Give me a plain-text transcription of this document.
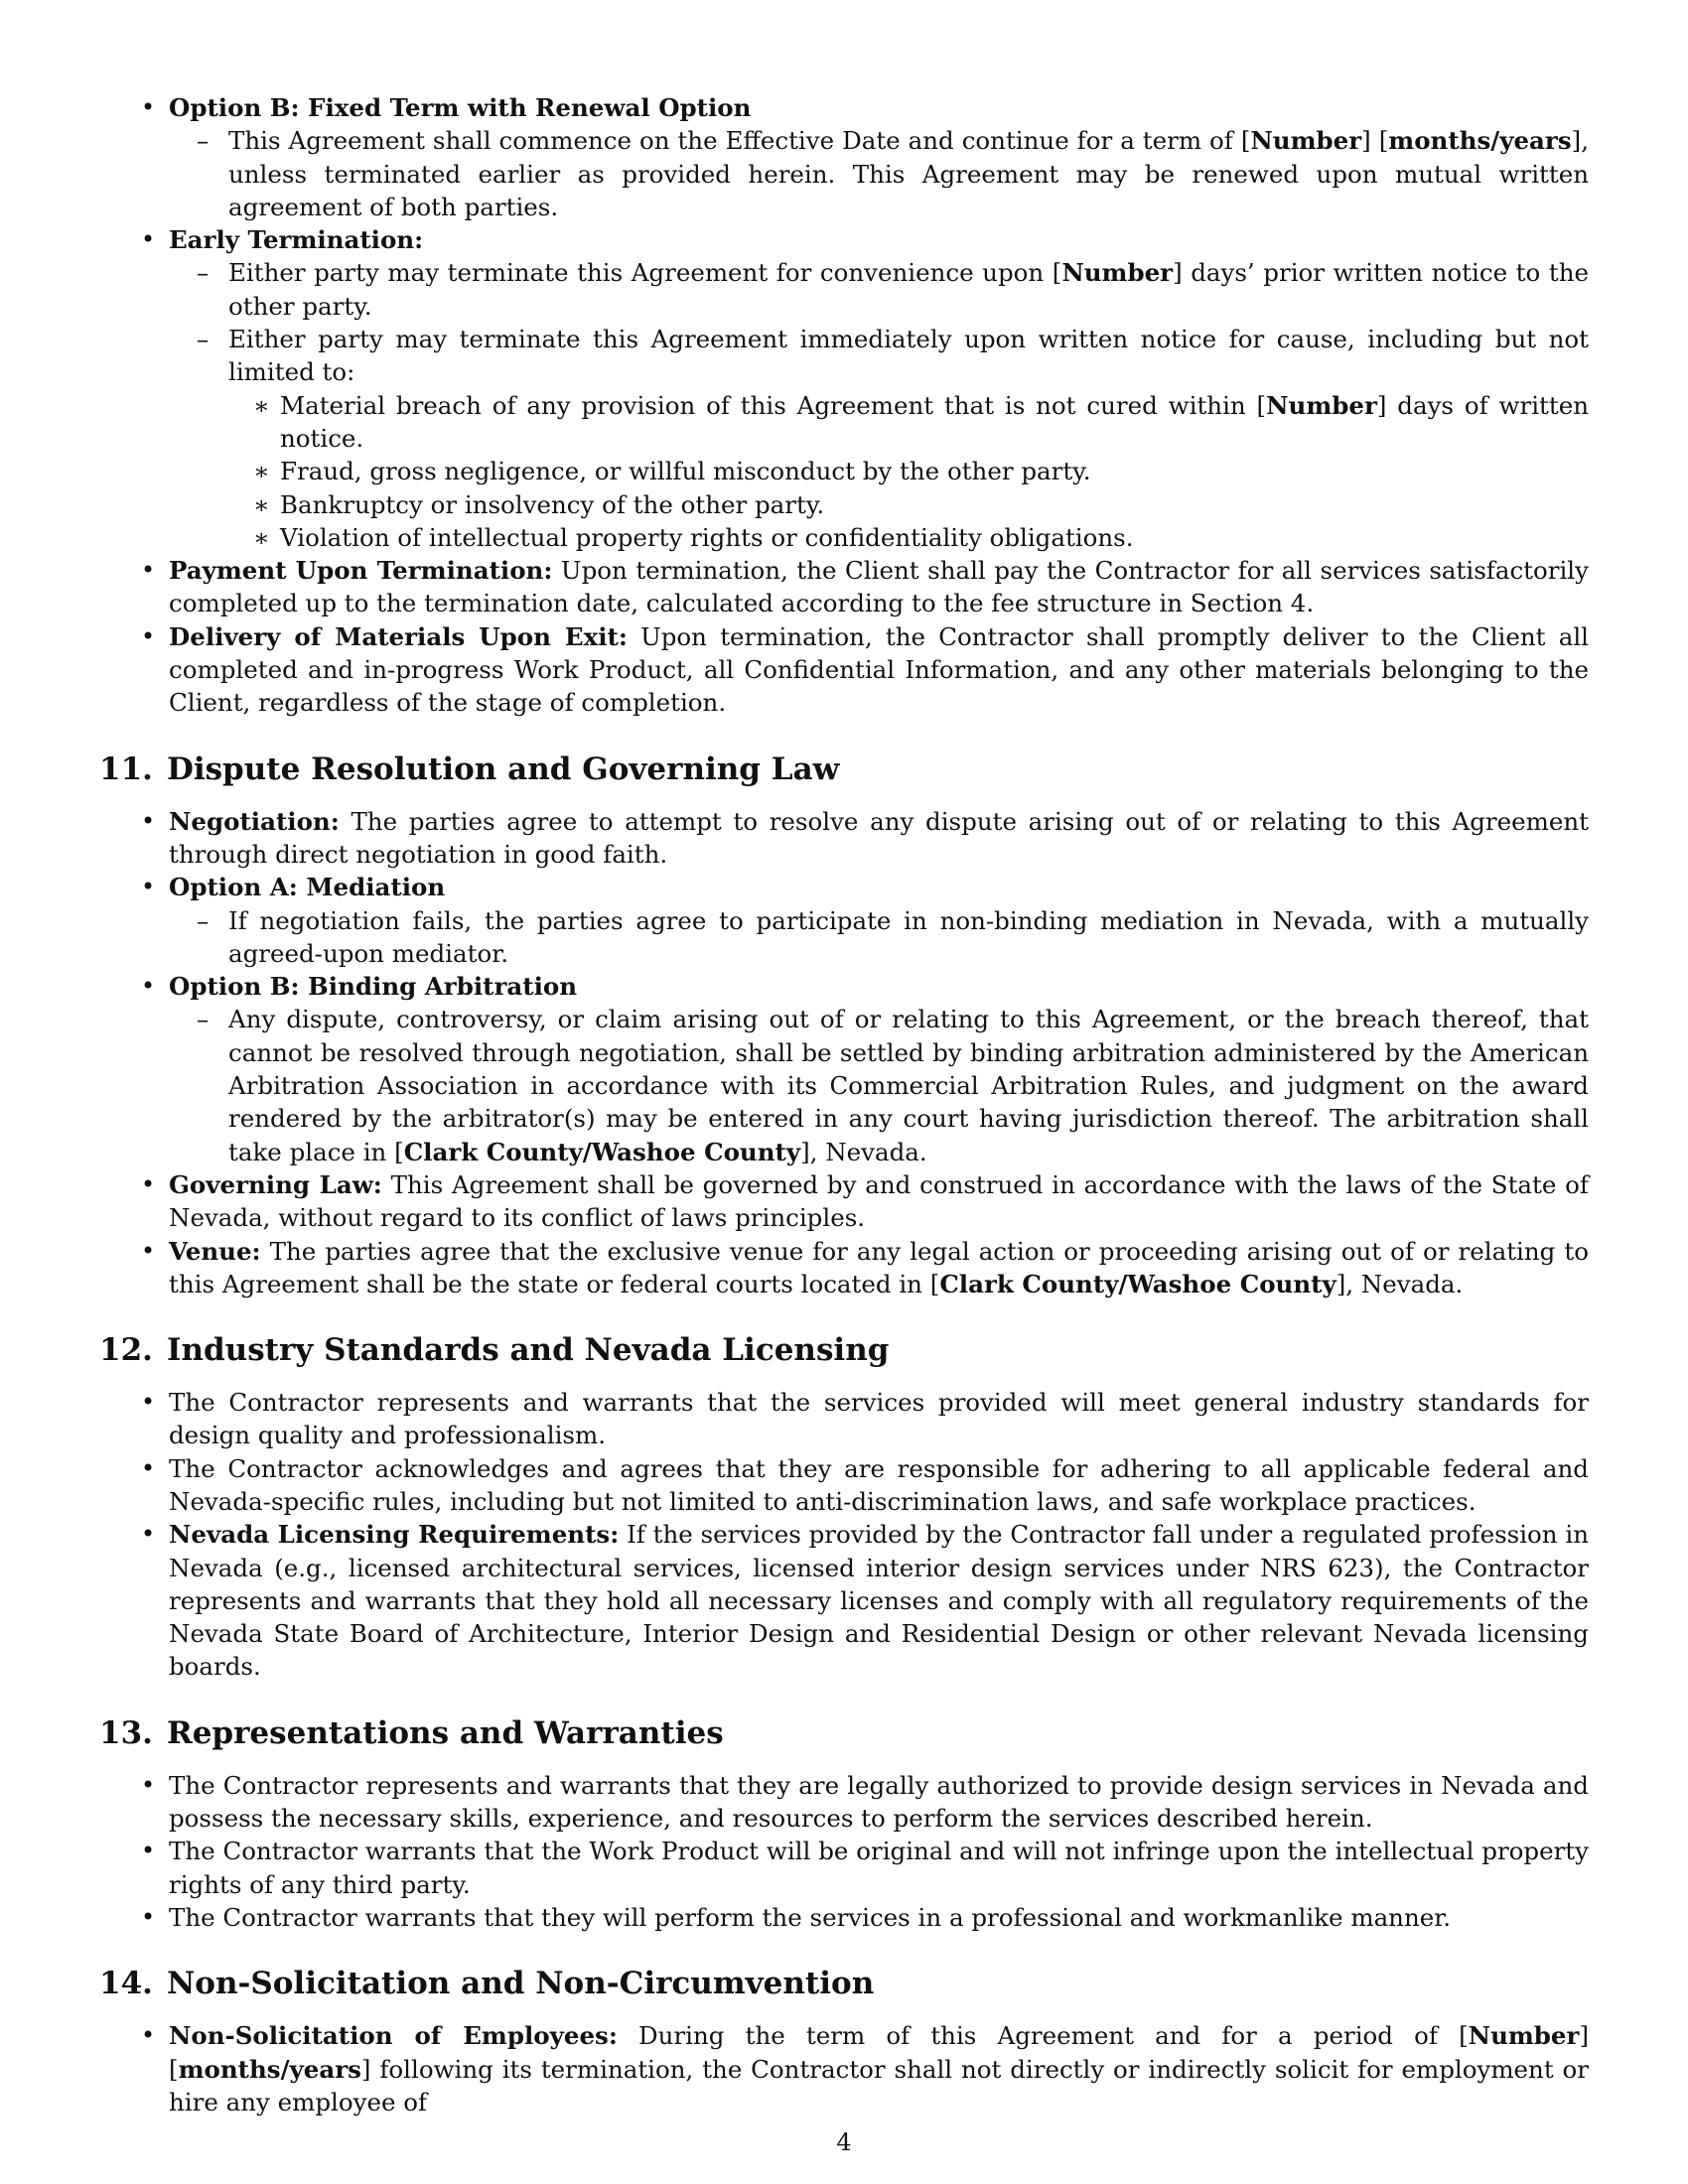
• Option B: Fixed Term with Renewal Option
– This Agreement shall commence on the Effective Date and continue for a term of [Number] [months/years], unless terminated earlier as provided herein. This Agreement may be renewed upon mutual written agreement of both parties.
• Early Termination:
– Either party may terminate this Agreement for convenience upon [Number] days’ prior written notice to the other party.
– Either party may terminate this Agreement immediately upon written notice for cause, including but not limited to:
∗ Material breach of any provision of this Agreement that is not cured within [Number] days of written notice.
∗ Fraud, gross negligence, or willful misconduct by the other party.
∗ Bankruptcy or insolvency of the other party.
∗ Violation of intellectual property rights or confidentiality obligations.
• Payment Upon Termination: Upon termination, the Client shall pay the Contractor for all services satisfactorily completed up to the termination date, calculated according to the fee structure in Section 4.
• Delivery of Materials Upon Exit: Upon termination, the Contractor shall promptly deliver to the Client all completed and in-progress Work Product, all Confidential Information, and any other materials belonging to the Client, regardless of the stage of completion.
11. Dispute Resolution and Governing Law
• Negotiation: The parties agree to attempt to resolve any dispute arising out of or relating to this Agreement through direct negotiation in good faith.
• Option A: Mediation
– If negotiation fails, the parties agree to participate in non-binding mediation in Nevada, with a mutually agreed-upon mediator.
• Option B: Binding Arbitration
– Any dispute, controversy, or claim arising out of or relating to this Agreement, or the breach thereof, that cannot be resolved through negotiation, shall be settled by binding arbitration administered by the American Arbitration Association in accordance with its Commercial Arbitration Rules, and judgment on the award rendered by the arbitrator(s) may be entered in any court having jurisdiction thereof. The arbitration shall take place in [Clark County/Washoe County], Nevada.
• Governing Law: This Agreement shall be governed by and construed in accordance with the laws of the State of Nevada, without regard to its conflict of laws principles.
• Venue: The parties agree that the exclusive venue for any legal action or proceeding arising out of or relating to this Agreement shall be the state or federal courts located in [Clark County/Washoe County], Nevada.
12. Industry Standards and Nevada Licensing
• The Contractor represents and warrants that the services provided will meet general industry standards for design quality and professionalism.
• The Contractor acknowledges and agrees that they are responsible for adhering to all applicable federal and Nevada-specific rules, including but not limited to anti-discrimination laws, and safe workplace practices.
• Nevada Licensing Requirements: If the services provided by the Contractor fall under a regulated profession in Nevada (e.g., licensed architectural services, licensed interior design services under NRS 623), the Contractor represents and warrants that they hold all necessary licenses and comply with all regulatory requirements of the Nevada State Board of Architecture, Interior Design and Residential Design or other relevant Nevada licensing boards.
13. Representations and Warranties
• The Contractor represents and warrants that they are legally authorized to provide design services in Nevada and possess the necessary skills, experience, and resources to perform the services described herein.
• The Contractor warrants that the Work Product will be original and will not infringe upon the intellectual property rights of any third party.
• The Contractor warrants that they will perform the services in a professional and workmanlike manner.
14. Non-Solicitation and Non-Circumvention
• Non-Solicitation of Employees: During the term of this Agreement and for a period of [Number] [months/years] following its termination, the Contractor shall not directly or indirectly solicit for employment or hire any employee of
4
